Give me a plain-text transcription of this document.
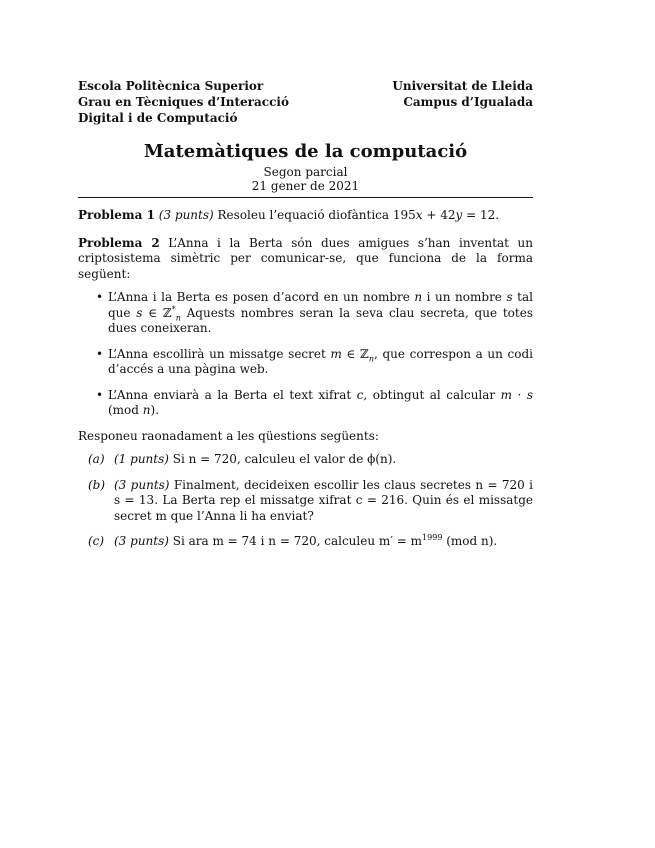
Escola Politècnica Superior
Grau en Tècniques d’Interacció
Digital i de Computació
Universitat de Lleida
Campus d’Igualada
Matemàtiques de la computació
Segon parcial
21 gener de 2021
Problema 1 (3 punts) Resoleu l’equació diofàntica 195x + 42y = 12.
Problema 2 L’Anna i la Berta són dues amigues s’han inventat un criptosistema simètric per comunicar-se, que funciona de la forma següent:
• L’Anna i la Berta es posen d’acord en un nombre n i un nombre s tal que s ∈ ℤ*$_n$ Aquests nombres seran la seva clau secreta, que totes dues coneixeran.
• L’Anna escollirà un missatge secret m ∈ ℤ$_n$, que correspon a un codi d’accés a una pàgina web.
• L’Anna enviarà a la Berta el text xifrat c, obtingut al calcular m · s (mod n).
Responeu raonadament a les qüestions següents:
(a) (1 punts) Si n = 720, calculeu el valor de ϕ(n).
(b) (3 punts) Finalment, decideixen escollir les claus secretes n = 720 i s = 13. La Berta rep el missatge xifrat c = 216. Quin és el missatge secret m que l’Anna li ha enviat?
(c) (3 punts) Si ara m = 74 i n = 720, calculeu $m' = m^{1999}$ (mod n).
